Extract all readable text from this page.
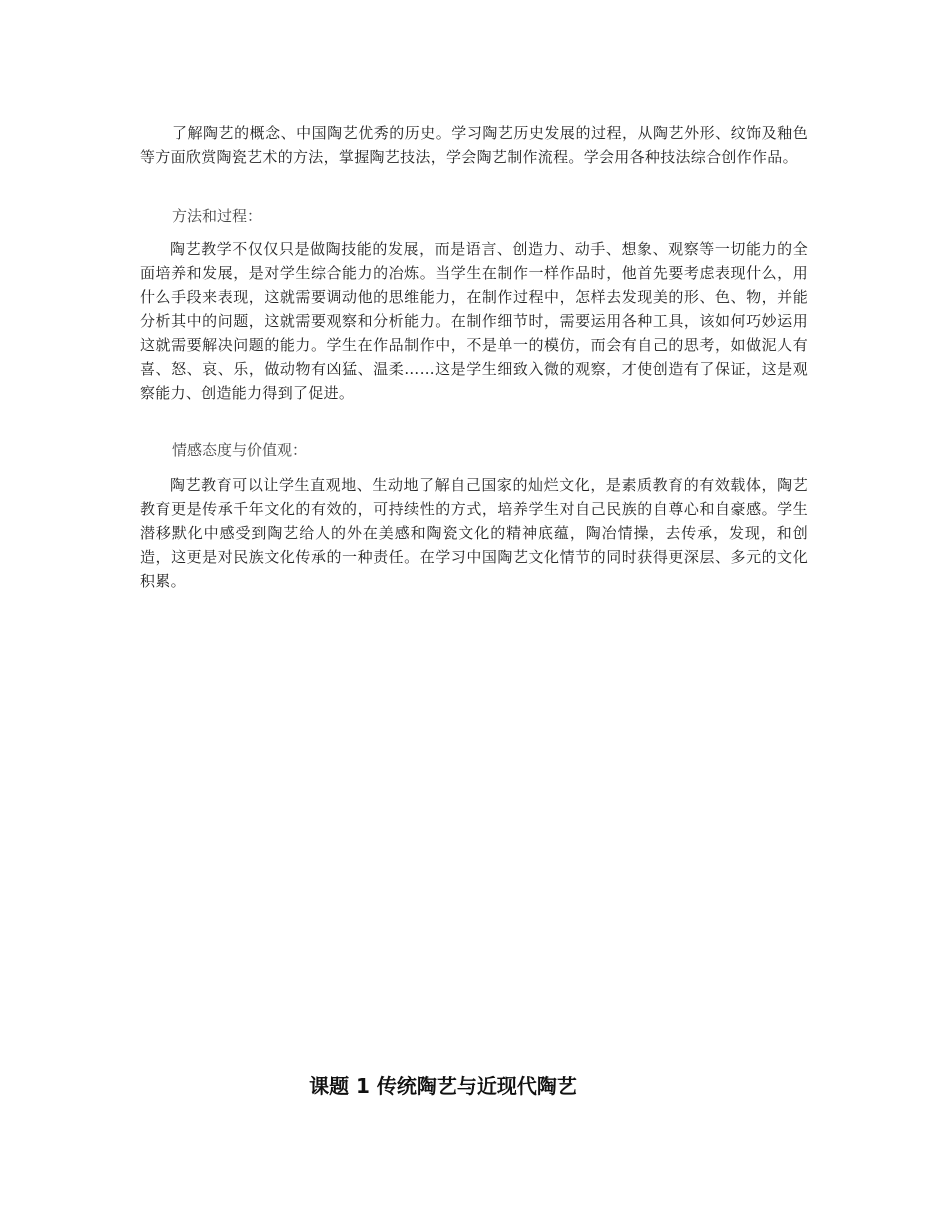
了解陶艺的概念、中国陶艺优秀的历史。学习陶艺历史发展的过程，从陶艺外形、纹饰及釉色等方面欣赏陶瓷艺术的方法，掌握陶艺技法，学会陶艺制作流程。学会用各种技法综合创作作品。

方法和过程：

陶艺教学不仅仅只是做陶技能的发展，而是语言、创造力、动手、想象、观察等一切能力的全面培养和发展，是对学生综合能力的冶炼。当学生在制作一样作品时，他首先要考虑表现什么，用什么手段来表现，这就需要调动他的思维能力，在制作过程中，怎样去发现美的形、色、物，并能分析其中的问题，这就需要观察和分析能力。在制作细节时，需要运用各种工具，该如何巧妙运用这就需要解决问题的能力。学生在作品制作中，不是单一的模仿，而会有自己的思考，如做泥人有喜、怒、哀、乐，做动物有凶猛、温柔……这是学生细致入微的观察，才使创造有了保证，这是观察能力、创造能力得到了促进。

情感态度与价值观：

陶艺教育可以让学生直观地、生动地了解自己国家的灿烂文化，是素质教育的有效载体，陶艺教育更是传承千年文化的有效的，可持续性的方式，培养学生对自己民族的自尊心和自豪感。学生潜移默化中感受到陶艺给人的外在美感和陶瓷文化的精神底蕴，陶冶情操，去传承，发现，和创造，这更是对民族文化传承的一种责任。在学习中国陶艺文化情节的同时获得更深层、多元的文化积累。

课题 1 传统陶艺与近现代陶艺
